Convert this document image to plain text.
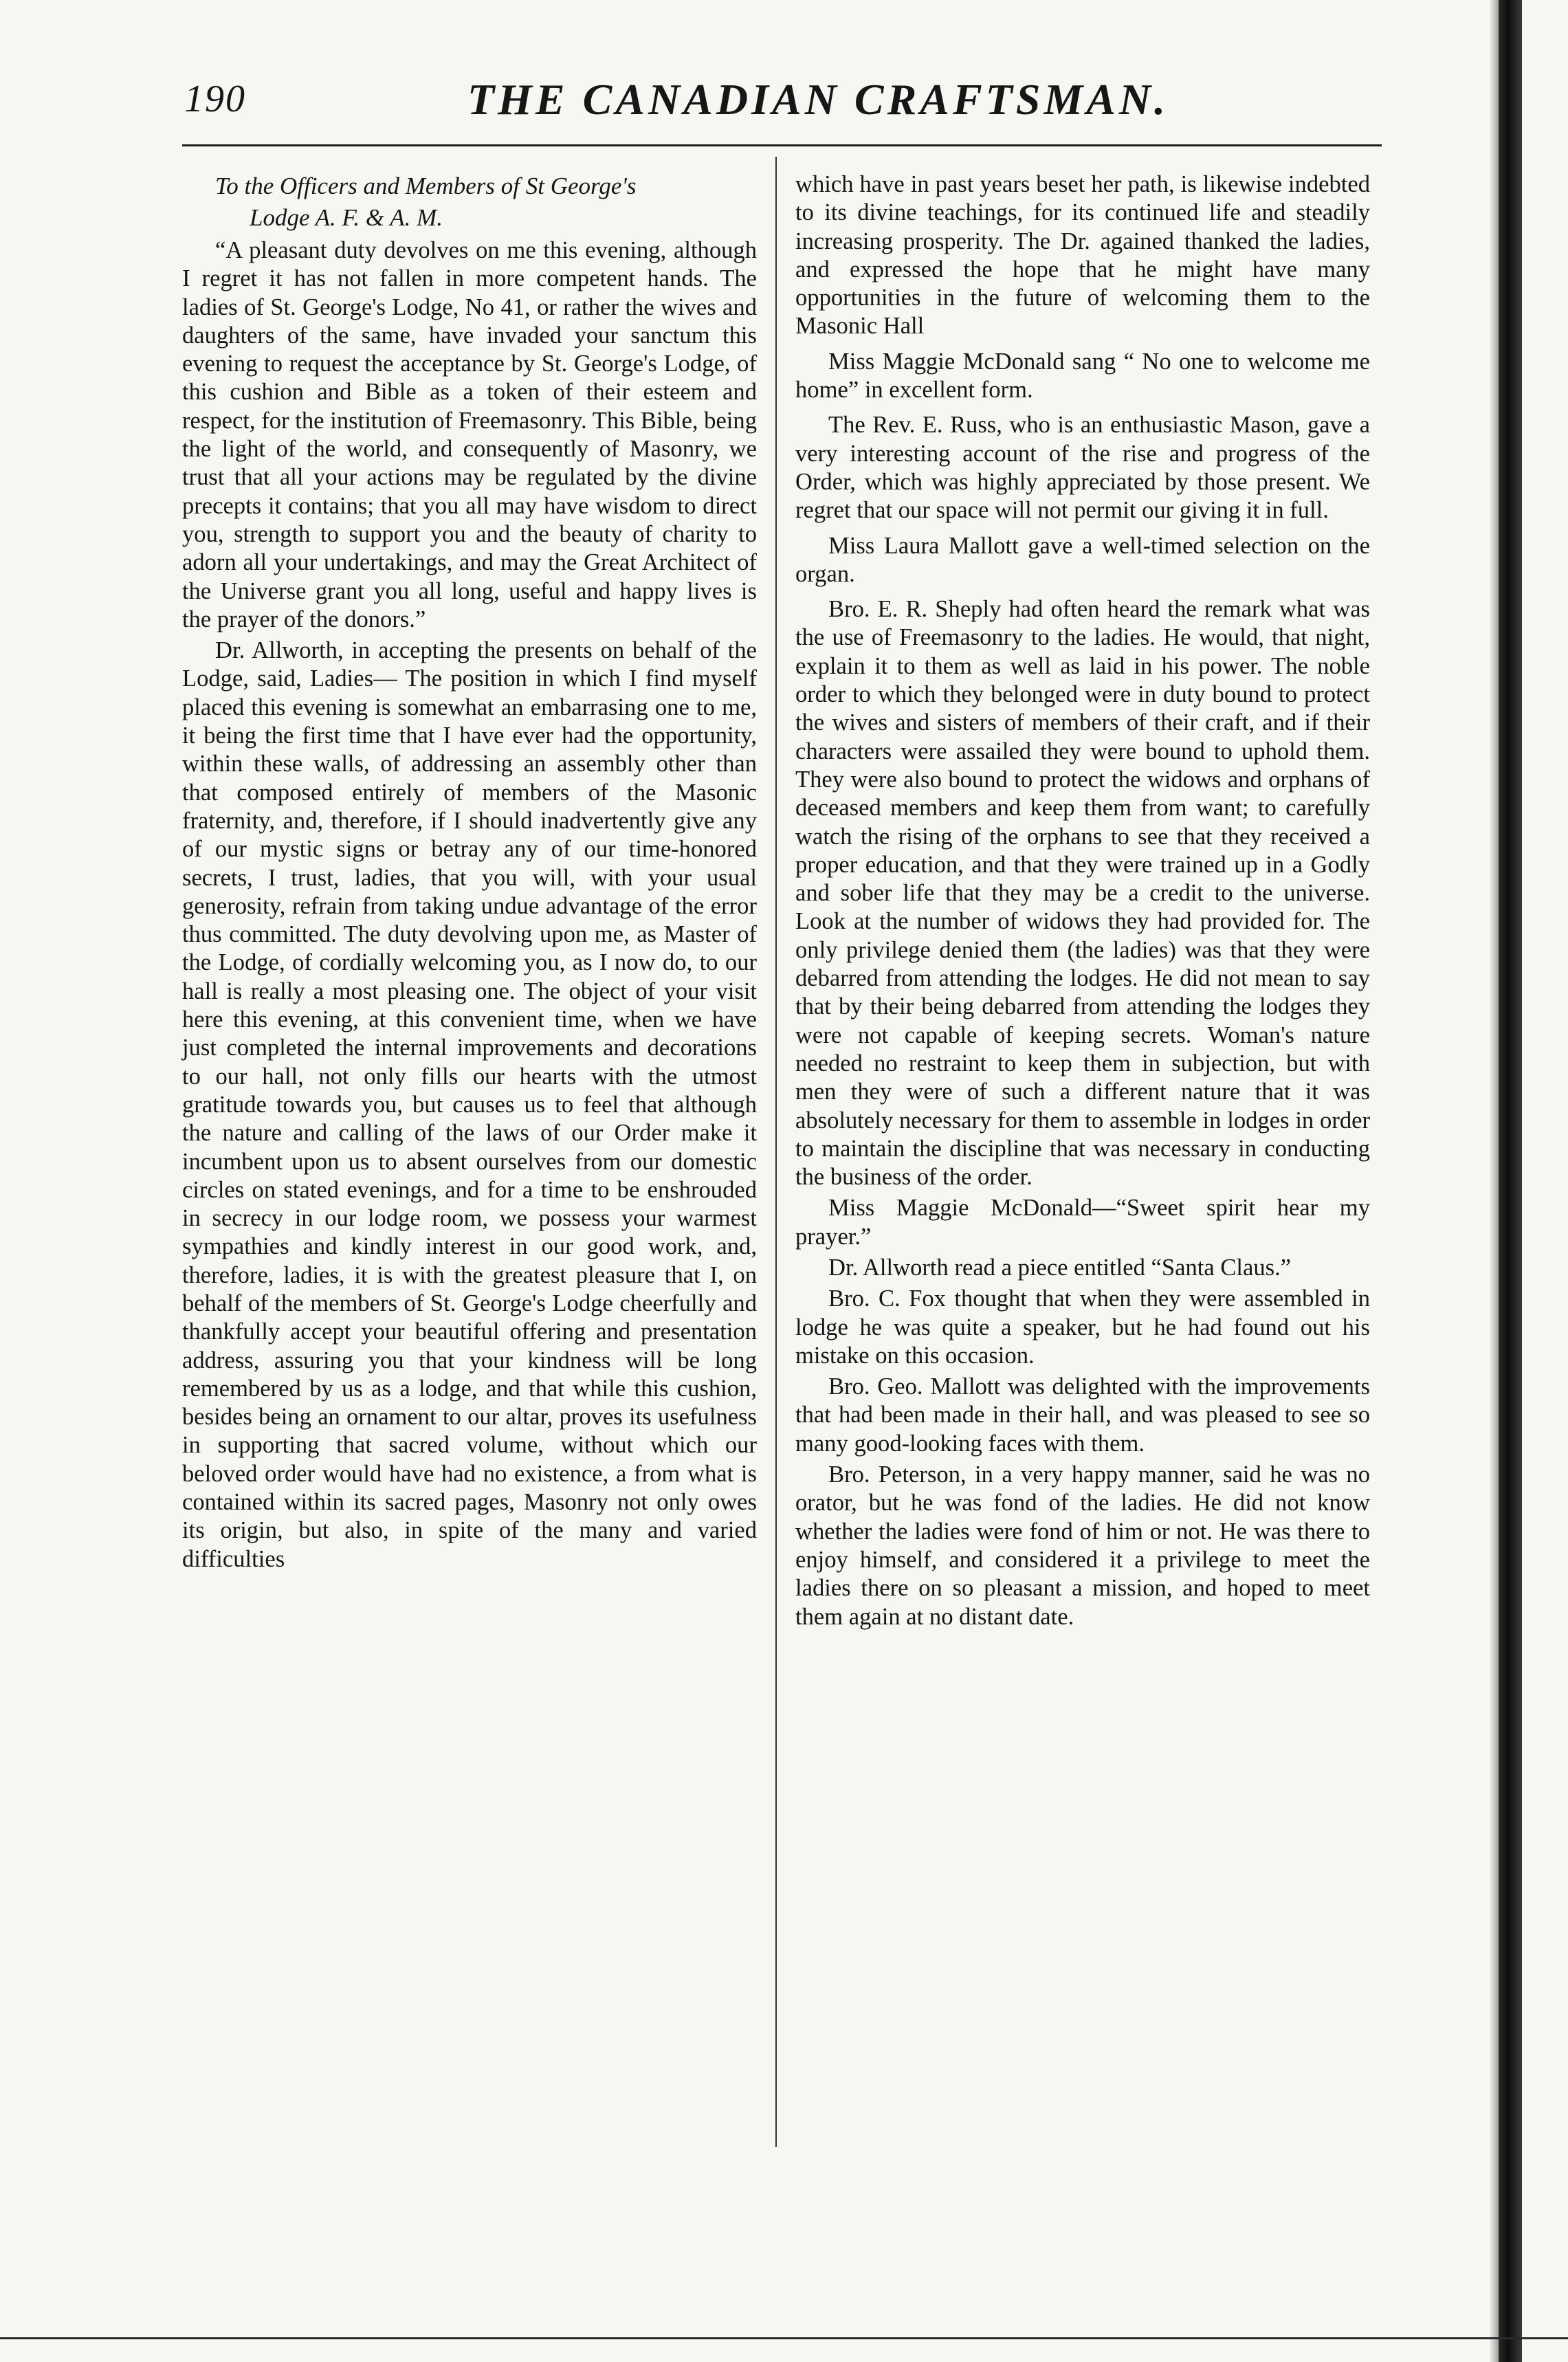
190	THE CANADIAN CRAFTSMAN.

To the Officers and Members of St George's

Lodge A. F. & A. M.

“A pleasant duty devolves on me this evening, although I regret it has not fallen in more competent hands. The ladies of St. George's Lodge, No 41, or rather the wives and daughters of the same, have invaded your sanctum this evening to request the acceptance by St. George's Lodge, of this cushion and Bible as a token of their esteem and respect, for the institution of Freemasonry. This Bible, being the light of the world, and consequently of Masonry, we trust that all your actions may be regulated by the divine precepts it contains; that you all may have wisdom to direct you, strength to support you and the beauty of charity to adorn all your undertakings, and may the Great Architect of the Universe grant you all long, useful and happy lives is the prayer of the donors.”

Dr. Allworth, in accepting the presents on behalf of the Lodge, said, Ladies— The position in which I find myself placed this evening is somewhat an embarrasing one to me, it being the first time that I have ever had the opportunity, within these walls, of addressing an assembly other than that composed entirely of members of the Masonic fraternity, and, therefore, if I should inadvertently give any of our mystic signs or betray any of our time-honored secrets, I trust, ladies, that you will, with your usual generosity, refrain from taking undue advantage of the error thus committed. The duty devolving upon me, as Master of the Lodge, of cordially welcoming you, as I now do, to our hall is really a most pleasing one. The object of your visit here this evening, at this convenient time, when we have just completed the internal improvements and decorations to our hall, not only fills our hearts with the utmost gratitude towards you, but causes us to feel that although the nature and calling of the laws of our Order make it incumbent upon us to absent ourselves from our domestic circles on stated evenings, and for a time to be enshrouded in secrecy in our lodge room, we possess your warmest sympathies and kindly interest in our good work, and, therefore, ladies, it is with the greatest pleasure that I, on behalf of the members of St. George's Lodge cheerfully and thankfully accept your beautiful offering and presentation address, assuring you that your kindness will be long remembered by us as a lodge, and that while this cushion, besides being an ornament to our altar, proves its usefulness in supporting that sacred volume, without which our beloved order would have had no existence, a from what is contained within its sacred pages, Masonry not only owes its origin, but also, in spite of the many and varied difficulties

which have in past years beset her path, is likewise indebted to its divine teachings, for its continued life and steadily increasing prosperity. The Dr. agained thanked the ladies, and expressed the hope that he might have many opportunities in the future of welcoming them to the Masonic Hall

Miss Maggie McDonald sang “ No one to welcome me home” in excellent form.

The Rev. E. Russ, who is an enthusiastic Mason, gave a very interesting account of the rise and progress of the Order, which was highly appreciated by those present. We regret that our space will not permit our giving it in full.

Miss Laura Mallott gave a well-timed selection on the organ.

Bro. E. R. Sheply had often heard the remark what was the use of Freemasonry to the ladies. He would, that night, explain it to them as well as laid in his power. The noble order to which they belonged were in duty bound to protect the wives and sisters of members of their craft, and if their characters were assailed they were bound to uphold them. They were also bound to protect the widows and orphans of deceased members and keep them from want; to carefully watch the rising of the orphans to see that they received a proper education, and that they were trained up in a Godly and sober life that they may be a credit to the universe. Look at the number of widows they had provided for. The only privilege denied them (the ladies) was that they were debarred from attending the lodges. He did not mean to say that by their being debarred from attending the lodges they were not capable of keeping secrets. Woman's nature needed no restraint to keep them in subjection, but with men they were of such a different nature that it was absolutely necessary for them to assemble in lodges in order to maintain the discipline that was necessary in conducting the business of the order.

Miss Maggie McDonald—“Sweet spirit hear my prayer.”

Dr. Allworth read a piece entitled “Santa Claus.”

Bro. C. Fox thought that when they were assembled in lodge he was quite a speaker, but he had found out his mistake on this occasion.

Bro. Geo. Mallott was delighted with the improvements that had been made in their hall, and was pleased to see so many good-looking faces with them.

Bro. Peterson, in a very happy manner, said he was no orator, but he was fond of the ladies. He did not know whether the ladies were fond of him or not. He was there to enjoy himself, and considered it a privilege to meet the ladies there on so pleasant a mission, and hoped to meet them again at no distant date.
